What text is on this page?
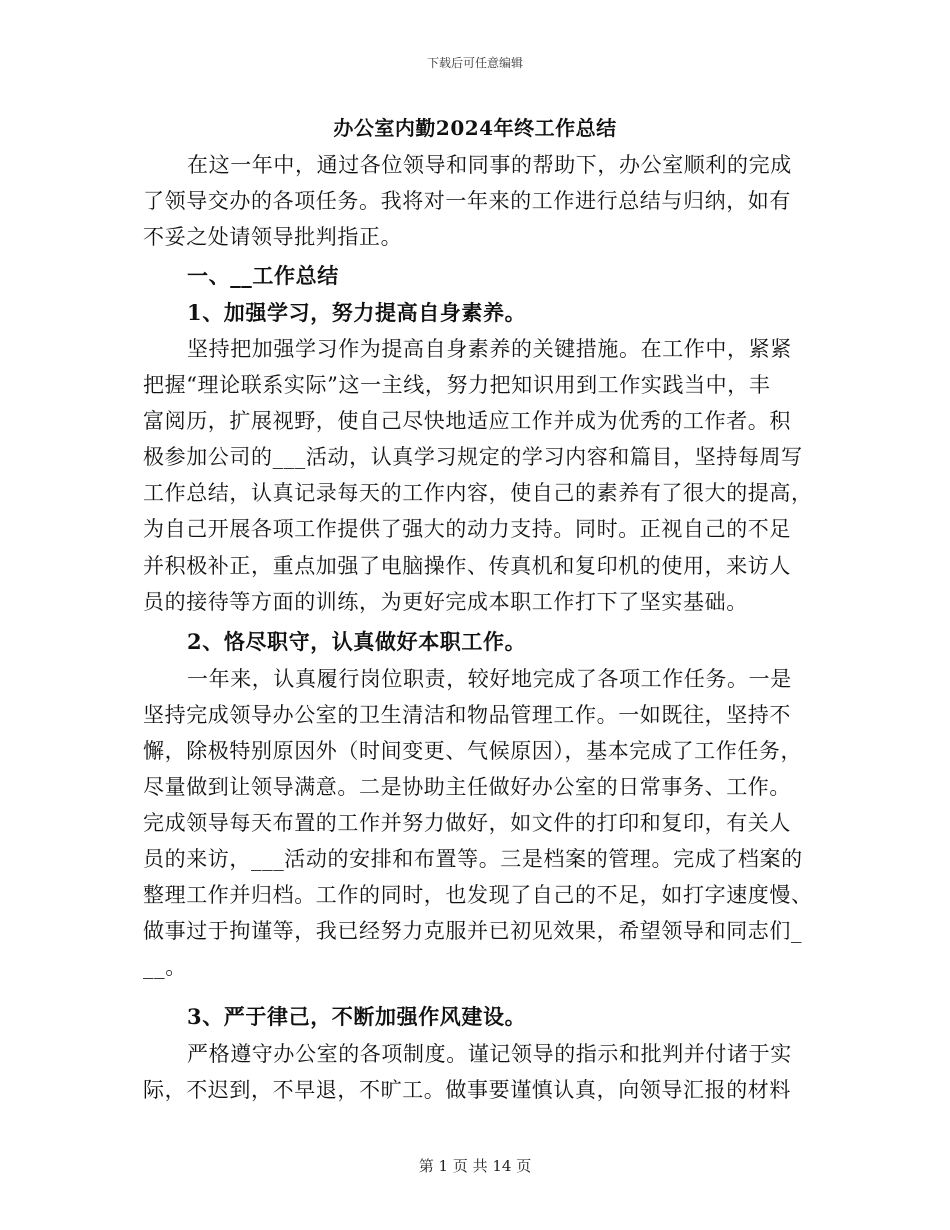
下载后可任意编辑
办公室内勤2024年终工作总结
在这一年中，通过各位领导和同事的帮助下，办公室顺利的完成
了领导交办的各项任务。我将对一年来的工作进行总结与归纳，如有
不妥之处请领导批判指正。
一、__工作总结
1、加强学习，努力提高自身素养。
坚持把加强学习作为提高自身素养的关键措施。在工作中，紧紧
把握“理论联系实际”这一主线，努力把知识用到工作实践当中，丰
富阅历，扩展视野，使自己尽快地适应工作并成为优秀的工作者。积
极参加公司的___活动，认真学习规定的学习内容和篇目，坚持每周写
工作总结，认真记录每天的工作内容，使自己的素养有了很大的提高，
为自己开展各项工作提供了强大的动力支持。同时。正视自己的不足
并积极补正，重点加强了电脑操作、传真机和复印机的使用，来访人
员的接待等方面的训练，为更好完成本职工作打下了坚实基础。
2、恪尽职守，认真做好本职工作。
一年来，认真履行岗位职责，较好地完成了各项工作任务。一是
坚持完成领导办公室的卫生清洁和物品管理工作。一如既往，坚持不
懈，除极特别原因外（时间变更、气候原因），基本完成了工作任务，
尽量做到让领导满意。二是协助主任做好办公室的日常事务、工作。
完成领导每天布置的工作并努力做好，如文件的打印和复印，有关人
员的来访，___活动的安排和布置等。三是档案的管理。完成了档案的
整理工作并归档。工作的同时，也发现了自己的不足，如打字速度慢、
做事过于拘谨等，我已经努力克服并已初见效果，希望领导和同志们_
__。
3、严于律己，不断加强作风建设。
严格遵守办公室的各项制度。谨记领导的指示和批判并付诸于实
际，不迟到，不早退，不旷工。做事要谨慎认真，向领导汇报的材料
第 1 页 共 14 页
